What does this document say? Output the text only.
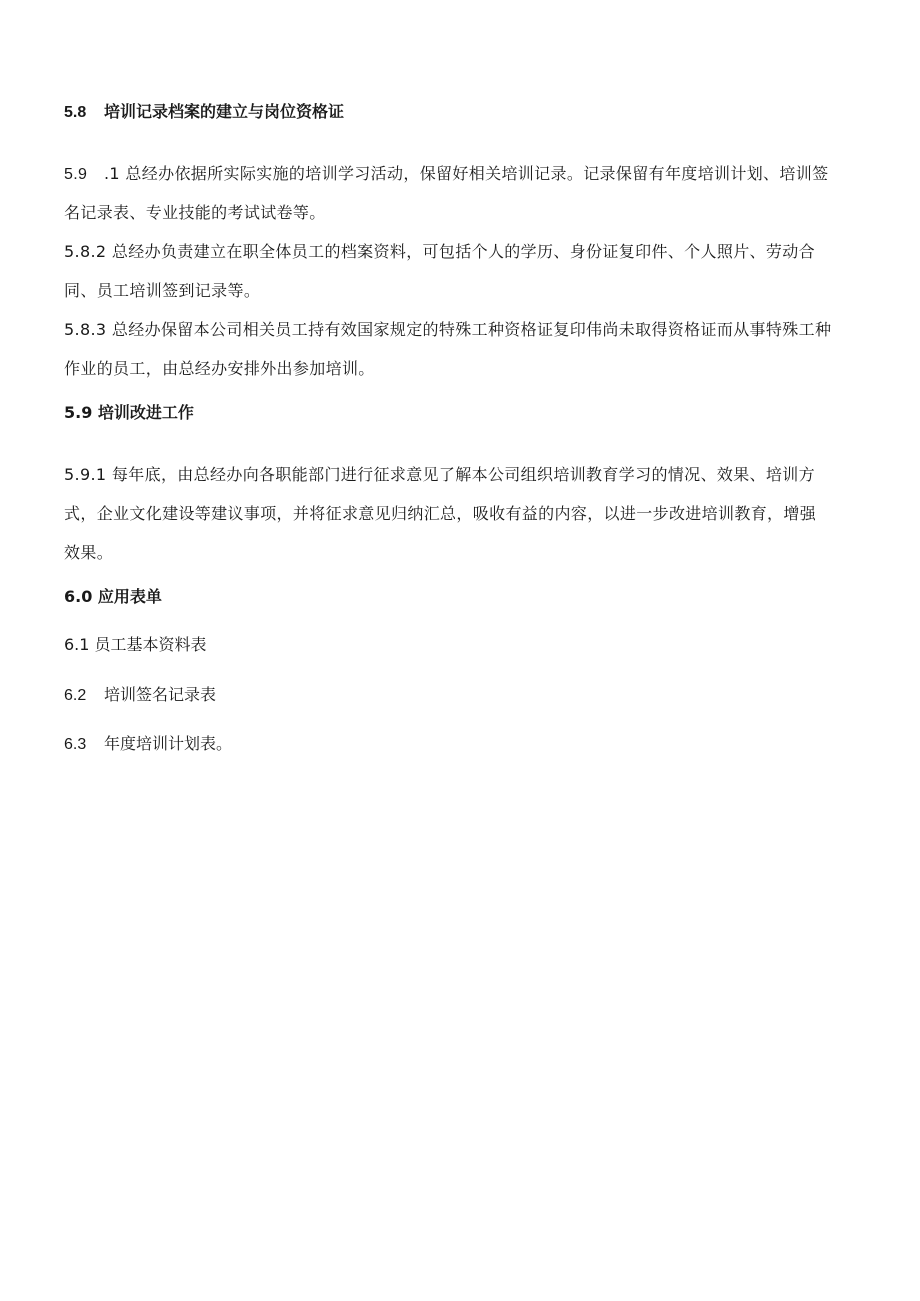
5.8 培训记录档案的建立与岗位资格证
5.9 .1 总经办依据所实际实施的培训学习活动，保留好相关培训记录。记录保留有年度培训计划、培训签
名记录表、专业技能的考试试卷等。
5.8.2 总经办负责建立在职全体员工的档案资料，可包括个人的学历、身份证复印件、个人照片、劳动合
同、员工培训签到记录等。
5.8.3 总经办保留本公司相关员工持有效国家规定的特殊工种资格证复印伟尚未取得资格证而从事特殊工种
作业的员工，由总经办安排外出参加培训。
5.9 培训改进工作
5.9.1 每年底，由总经办向各职能部门进行征求意见了解本公司组织培训教育学习的情况、效果、培训方
式，企业文化建设等建议事项，并将征求意见归纳汇总，吸收有益的内容，以进一步改进培训教育，增强
效果。
6.0 应用表单
6.1 员工基本资料表
6.2 培训签名记录表
6.3 年度培训计划表。
